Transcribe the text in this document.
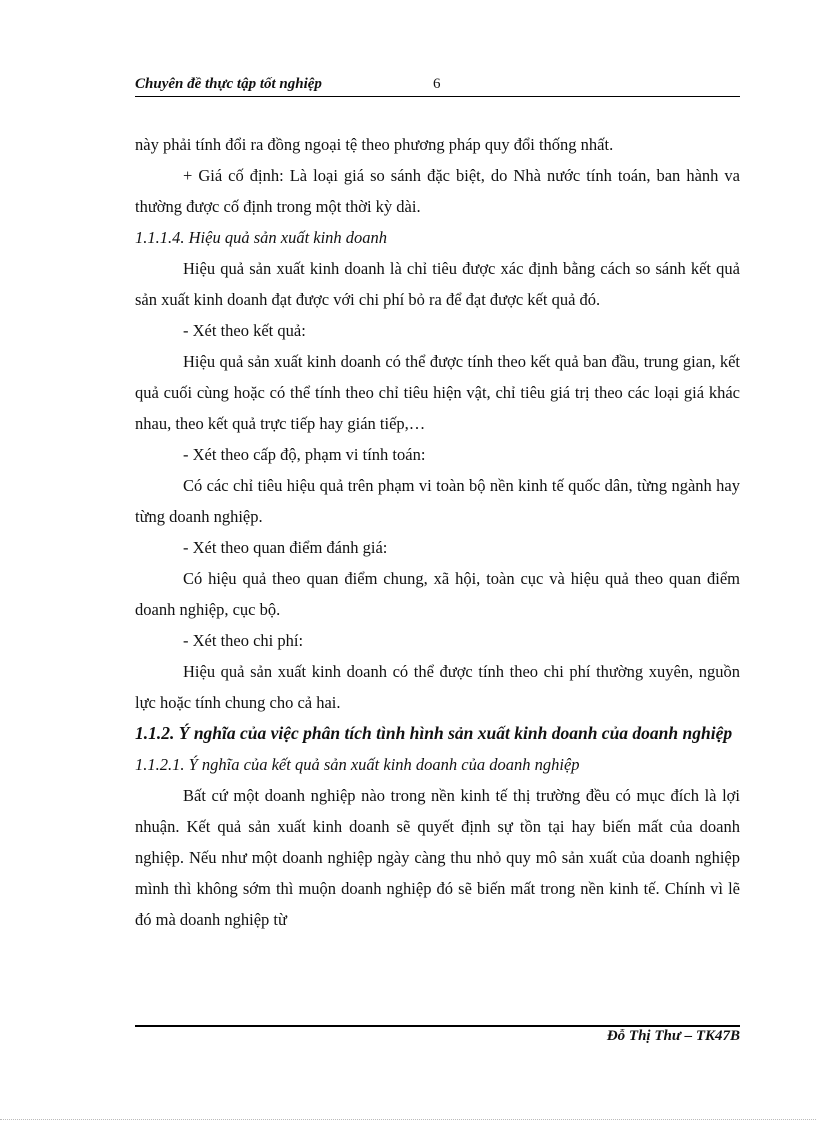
Chuyên đề thực tập tốt nghiệp	6

này phải tính đổi ra đồng ngoại tệ theo phương pháp quy đổi thống nhất.

+ Giá cố định: Là loại giá so sánh đặc biệt, do Nhà nước tính toán, ban hành va thường được cố định trong một thời kỳ dài.

1.1.1.4. Hiệu quả sản xuất kinh doanh

Hiệu quả sản xuất kinh doanh là chỉ tiêu được xác định bằng cách so sánh kết quả sản xuất kinh doanh đạt được với chi phí bỏ ra để đạt được kết quả đó.

- Xét theo kết quả:

Hiệu quả sản xuất kinh doanh có thể được tính theo kết quả ban đầu, trung gian, kết quả cuối cùng hoặc có thể tính theo chỉ tiêu hiện vật, chỉ tiêu giá trị theo các loại giá khác nhau, theo kết quả trực tiếp hay gián tiếp,…

- Xét theo cấp độ, phạm vi tính toán:

Có các chỉ tiêu hiệu quả trên phạm vi toàn bộ nền kinh tế quốc dân, từng ngành hay từng doanh nghiệp.

- Xét theo quan điểm đánh giá:

Có hiệu quả theo quan điểm chung, xã hội, toàn cục và hiệu quả theo quan điểm doanh nghiệp, cục bộ.

- Xét theo chi phí:

Hiệu quả sản xuất kinh doanh có thể được tính theo chi phí thường xuyên, nguồn lực hoặc tính chung cho cả hai.

1.1.2. Ý nghĩa của việc phân tích tình hình sản xuất kinh doanh của doanh nghiệp

1.1.2.1. Ý nghĩa của kết quả sản xuất kinh doanh của doanh nghiệp

Bất cứ một doanh nghiệp nào trong nền kinh tế thị trường đều có mục đích là lợi nhuận. Kết quả sản xuất kinh doanh sẽ quyết định sự tồn tại hay biến mất của doanh nghiệp. Nếu như một doanh nghiệp ngày càng thu nhỏ quy mô sản xuất của doanh nghiệp mình thì không sớm thì muộn doanh nghiệp đó sẽ biến mất trong nền kinh tế. Chính vì lẽ đó mà doanh nghiệp từ

Đỗ Thị Thư – TK47B
